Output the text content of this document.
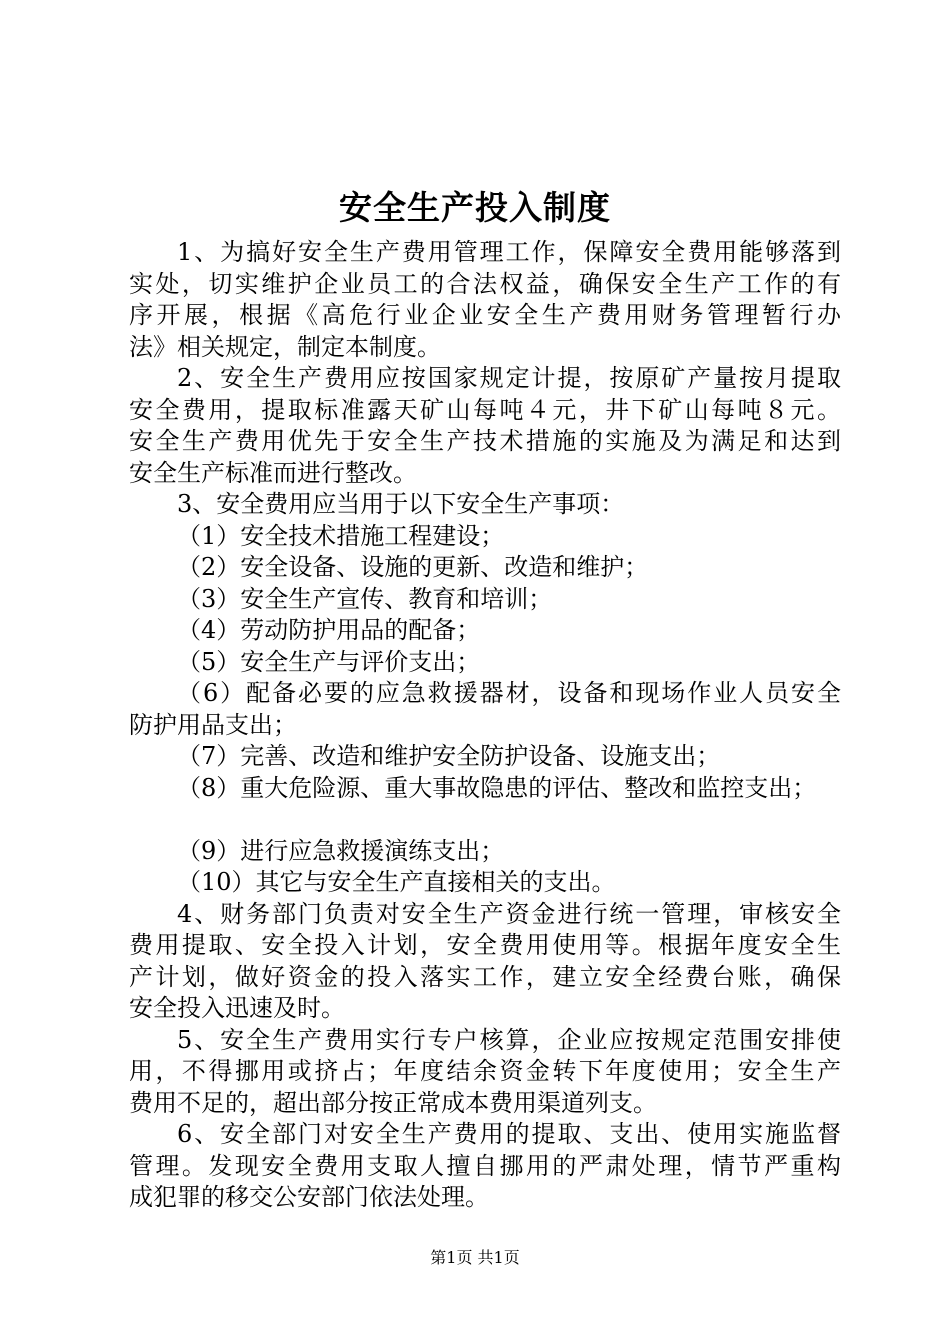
安全生产投入制度
1、为搞好安全生产费用管理工作，保障安全费用能够落到
实处，切实维护企业员工的合法权益，确保安全生产工作的有
序开展，根据《高危行业企业安全生产费用财务管理暂行办
法》相关规定，制定本制度。
2、安全生产费用应按国家规定计提，按原矿产量按月提取
安全费用，提取标准露天矿山每吨４元，井下矿山每吨８元。
安全生产费用优先于安全生产技术措施的实施及为满足和达到
安全生产标准而进行整改。
3、安全费用应当用于以下安全生产事项：
（1）安全技术措施工程建设；
（2）安全设备、设施的更新、改造和维护；
（3）安全生产宣传、教育和培训；
（4）劳动防护用品的配备；
（5）安全生产与评价支出；
（6）配备必要的应急救援器材，设备和现场作业人员安全
防护用品支出；
（7）完善、改造和维护安全防护设备、设施支出；
（8）重大危险源、重大事故隐患的评估、整改和监控支出；
（9）进行应急救援演练支出；
（10）其它与安全生产直接相关的支出。
4、财务部门负责对安全生产资金进行统一管理，审核安全
费用提取、安全投入计划，安全费用使用等。根据年度安全生
产计划，做好资金的投入落实工作，建立安全经费台账，确保
安全投入迅速及时。
5、安全生产费用实行专户核算，企业应按规定范围安排使
用，不得挪用或挤占；年度结余资金转下年度使用；安全生产
费用不足的，超出部分按正常成本费用渠道列支。
6、安全部门对安全生产费用的提取、支出、使用实施监督
管理。发现安全费用支取人擅自挪用的严肃处理，情节严重构
成犯罪的移交公安部门依法处理。
第1页 共1页
